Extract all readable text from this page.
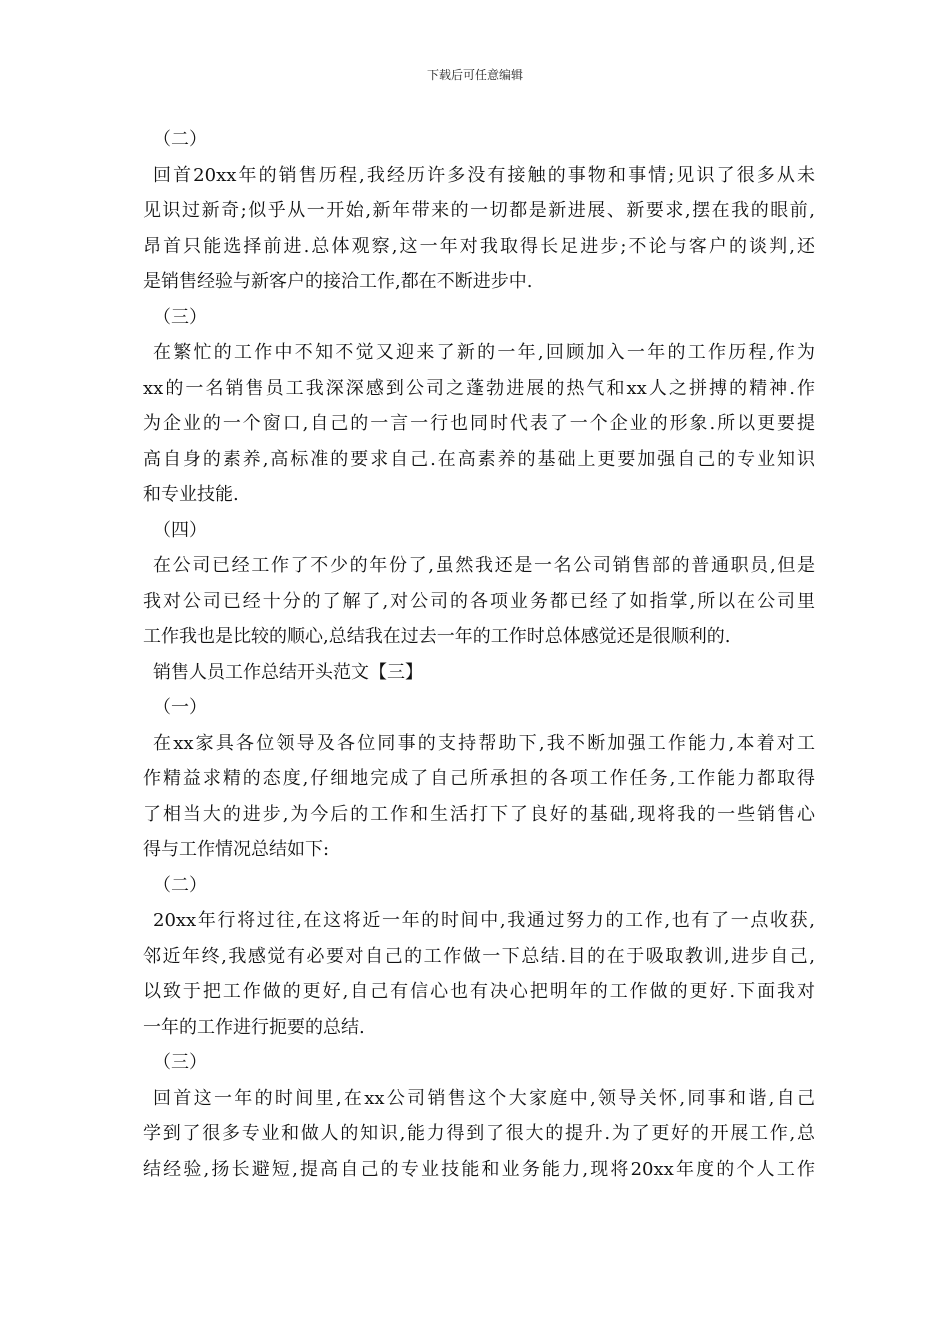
下载后可任意编辑
（二）
回首20xx年的销售历程,我经历许多没有接触的事物和事情;见识了很多从未
见识过新奇;似乎从一开始,新年带来的一切都是新进展、新要求,摆在我的眼前,
昂首只能选择前进.总体观察,这一年对我取得长足进步;不论与客户的谈判,还
是销售经验与新客户的接洽工作,都在不断进步中.
（三）
在繁忙的工作中不知不觉又迎来了新的一年,回顾加入一年的工作历程,作为
xx的一名销售员工我深深感到公司之蓬勃进展的热气和xx人之拼搏的精神.作
为企业的一个窗口,自己的一言一行也同时代表了一个企业的形象.所以更要提
高自身的素养,高标准的要求自己.在高素养的基础上更要加强自己的专业知识
和专业技能.
（四）
在公司已经工作了不少的年份了,虽然我还是一名公司销售部的普通职员,但是
我对公司已经十分的了解了,对公司的各项业务都已经了如指掌,所以在公司里
工作我也是比较的顺心,总结我在过去一年的工作时总体感觉还是很顺利的.
销售人员工作总结开头范文【三】
（一）
在xx家具各位领导及各位同事的支持帮助下,我不断加强工作能力,本着对工
作精益求精的态度,仔细地完成了自己所承担的各项工作任务,工作能力都取得
了相当大的进步,为今后的工作和生活打下了良好的基础,现将我的一些销售心
得与工作情况总结如下:
（二）
20xx年行将过往,在这将近一年的时间中,我通过努力的工作,也有了一点收获,
邻近年终,我感觉有必要对自己的工作做一下总结.目的在于吸取教训,进步自己,
以致于把工作做的更好,自己有信心也有决心把明年的工作做的更好.下面我对
一年的工作进行扼要的总结.
（三）
回首这一年的时间里,在xx公司销售这个大家庭中,领导关怀,同事和谐,自己
学到了很多专业和做人的知识,能力得到了很大的提升.为了更好的开展工作,总
结经验,扬长避短,提高自己的专业技能和业务能力,现将20xx年度的个人工作
